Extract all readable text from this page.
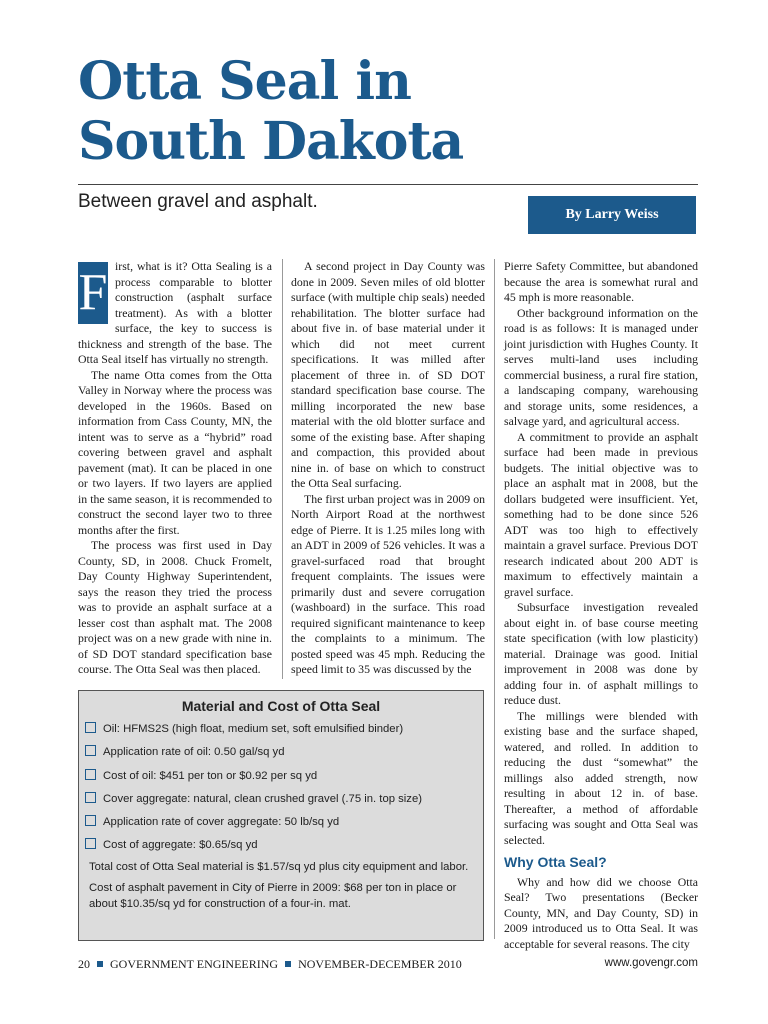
Otta Seal in
South Dakota
Between gravel and asphalt.
By Larry Weiss

F irst, what is it? Otta Sealing is a process comparable to blotter construction (asphalt surface treatment). As with a blotter surface, the key to success is thickness and strength of the base. The Otta Seal itself has virtually no strength.

The name Otta comes from the Otta Valley in Norway where the process was developed in the 1960s. Based on information from Cass County, MN, the intent was to serve as a “hybrid” road covering between gravel and asphalt pavement (mat). It can be placed in one or two layers. If two layers are applied in the same season, it is recommended to construct the second layer two to three months after the first.

The process was first used in Day County, SD, in 2008. Chuck Fromelt, Day County Highway Superintendent, says the reason they tried the process was to provide an asphalt surface at a lesser cost than asphalt mat. The 2008 project was on a new grade with nine in. of SD DOT standard specification base course. The Otta Seal was then placed.

A second project in Day County was done in 2009. Seven miles of old blotter surface (with multiple chip seals) needed rehabilitation. The blotter surface had about five in. of base material under it which did not meet current specifications. It was milled after placement of three in. of SD DOT standard specification base course. The milling incorporated the new base material with the old blotter surface and some of the existing base. After shaping and compaction, this provided about nine in. of base on which to construct the Otta Seal surfacing.

The first urban project was in 2009 on North Airport Road at the northwest edge of Pierre. It is 1.25 miles long with an ADT in 2009 of 526 vehicles. It was a gravel-surfaced road that brought frequent complaints. The issues were primarily dust and severe corrugation (washboard) in the surface. This road required significant maintenance to keep the complaints to a minimum. The posted speed was 45 mph. Reducing the speed limit to 35 was discussed by the

Pierre Safety Committee, but abandoned because the area is somewhat rural and 45 mph is more reasonable.

Other background information on the road is as follows: It is managed under joint jurisdiction with Hughes County. It serves multi-land uses including commercial business, a rural fire station, a landscaping company, warehousing and storage units, some residences, a salvage yard, and agricultural access.

A commitment to provide an asphalt surface had been made in previous budgets. The initial objective was to place an asphalt mat in 2008, but the dollars budgeted were insufficient. Yet, something had to be done since 526 ADT was too high to effectively maintain a gravel surface. Previous DOT research indicated about 200 ADT is maximum to effectively maintain a gravel surface.

Subsurface investigation revealed about eight in. of base course meeting state specification (with low plasticity) material. Drainage was good. Initial improvement in 2008 was done by adding four in. of asphalt millings to reduce dust.

The millings were blended with existing base and the surface shaped, watered, and rolled. In addition to reducing the dust “somewhat” the millings also added strength, now resulting in about 12 in. of base. Thereafter, a method of affordable surfacing was sought and Otta Seal was selected.

Why Otta Seal?

Why and how did we choose Otta Seal? Two presentations (Becker County, MN, and Day County, SD) in 2009 introduced us to Otta Seal. It was acceptable for several reasons. The city

Material and Cost of Otta Seal
Oil: HFMS2S (high float, medium set, soft emulsified binder)
Application rate of oil: 0.50 gal/sq yd
Cost of oil: $451 per ton or $0.92 per sq yd
Cover aggregate: natural, clean crushed gravel (.75 in. top size)
Application rate of cover aggregate: 50 lb/sq yd
Cost of aggregate: $0.65/sq yd
Total cost of Otta Seal material is $1.57/sq yd plus city equipment and labor.
Cost of asphalt pavement in City of Pierre in 2009: $68 per ton in place or about $10.35/sq yd for construction of a four-in. mat.
20 GOVERNMENT ENGINEERING NOVEMBER-DECEMBER 2010	www.govengr.com
